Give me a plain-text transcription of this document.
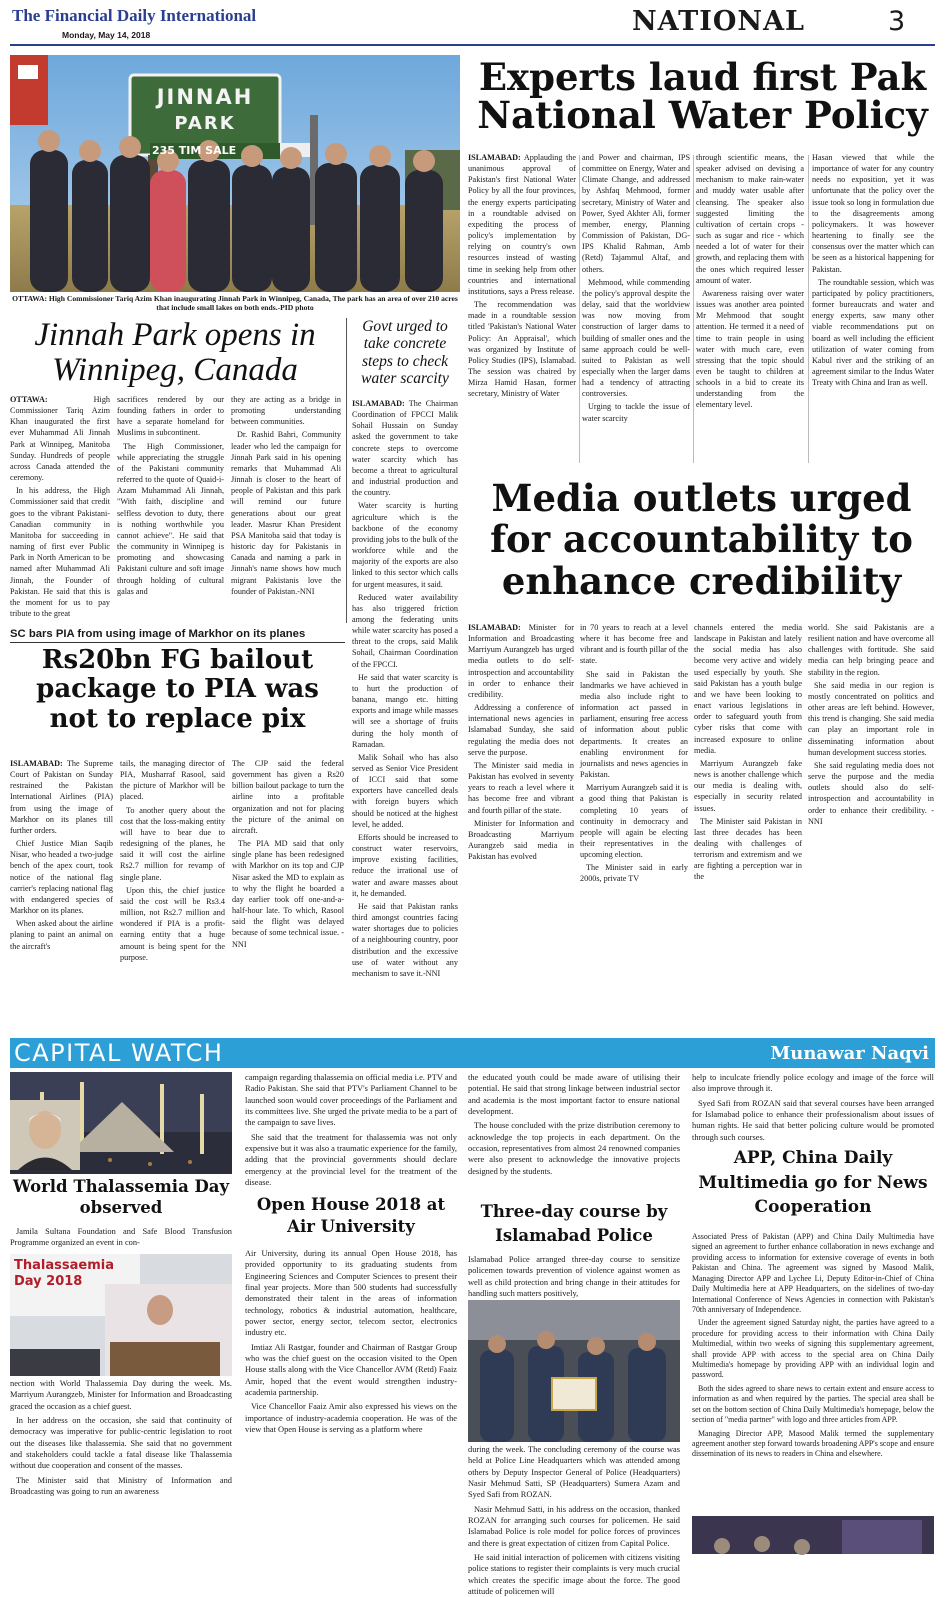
The Financial Daily International
Monday, May 14, 2018	NATIONAL	3
JINNAH
PARK
235 TIM SALE
OTTAWA: High Commissioner Tariq Azim Khan inaugurating Jinnah Park in Winnipeg, Canada, The park has an area of over 210 acres that include small lakes on both ends.-PID photo
Experts laud first Pak National Water Policy

ISLAMABAD: Applauding the unanimous approval of Pakistan's first National Water Policy by all the four provinces, the energy experts participating in a roundtable advised on expediting the process of policy's implementation by relying on country's own resources instead of wasting time in seeking help from other countries and international institutions, says a Press release.

The recommendation was made in a roundtable session titled 'Pakistan's National Water Policy: An Appraisal', which was organized by Institute of Policy Studies (IPS), Islamabad. The session was chaired by Mirza Hamid Hasan, former secretary, Ministry of Water

and Power and chairman, IPS committee on Energy, Water and Climate Change, and addressed by Ashfaq Mehmood, former secretary, Ministry of Water and Power, Syed Akhter Ali, former member, energy, Planning Commission of Pakistan, DG-IPS Khalid Rahman, Amb (Retd) Tajammul Altaf, and others.

Mehmood, while commending the policy's approval despite the delay, said that the worldview was now moving from construction of larger dams to building of smaller ones and the same approach could be well-suited to Pakistan as well especially when the larger dams had a tendency of attracting controversies.

Urging to tackle the issue of water scarcity

through scientific means, the speaker advised on devising a mechanism to make rain-water and muddy water usable after cleansing. The speaker also suggested limiting the cultivation of certain crops - such as sugar and rice - which needed a lot of water for their growth, and replacing them with the ones which required lesser amount of water.

Awareness raising over water issues was another area pointed Mr Mehmood that sought attention. He termed it a need of time to train people in using water with much care, even stressing that the topic should even be taught to children at schools in a bid to create its understanding from the elementary level.

Hasan viewed that while the importance of water for any country needs no exposition, yet it was unfortunate that the policy over the issue took so long in formulation due to the disagreements among policymakers. It was however heartening to finally see the consensus over the matter which can be seen as a historical happening for Pakistan.

The roundtable session, which was participated by policy practitioners, former bureaucrats and water and energy experts, saw many other viable recommendations put on board as well including the efficient utilization of water coming from Kabul river and the striking of an agreement similar to the Indus Water Treaty with China and Iran as well.

Jinnah Park opens in Winnipeg, Canada

OTTAWA: High Commissioner Tariq Azim Khan inaugurated the first ever Muhammad Ali Jinnah Park at Winnipeg, Manitoba Sunday. Hundreds of people across Canada attended the ceremony.

In his address, the High Commissioner said that credit goes to the vibrant Pakistani-Canadian community in Manitoba for succeeding in naming of first ever Public Park in North American to be named after Muhammad Ali Jinnah, the Founder of Pakistan. He said that this is the moment for us to pay tribute to the great

sacrifices rendered by our founding fathers in order to have a separate homeland for Muslims in subcontinent.

The High Commissioner, while appreciating the struggle of the Pakistani community referred to the quote of Quaid-i-Azam Muhammad Ali Jinnah, "With faith, discipline and selfless devotion to duty, there is nothing worthwhile you cannot achieve". He said that the community in Winnipeg is promoting and showcasing Pakistani culture and soft image through holding of cultural galas and

they are acting as a bridge in promoting understanding between communities.

Dr. Rashid Bahri, Community leader who led the campaign for Jinnah Park said in his opening remarks that Muhammad Ali Jinnah is closer to the heart of people of Pakistan and this park will remind our future generations about our great leader. Masrur Khan President PSA Manitoba said that today is historic day for Pakistanis in Canada and naming a park in Jinnah's name shows how much migrant Pakistanis love the founder of Pakistan.-NNI

Govt urged to take concrete steps to check water scarcity

ISLAMABAD: The Chairman Coordination of FPCCI Malik Sohail Hussain on Sunday asked the government to take concrete steps to overcome water scarcity which has become a threat to agricultural and industrial production and the country.

Water scarcity is hurting agriculture which is the backbone of the economy providing jobs to the bulk of the workforce while and the majority of the exports are also linked to this sector which calls for urgent measures, it said.

Reduced water availability has also triggered friction among the federating units while water scarcity has posed a threat to the crops, said Malik Sohail, Chairman Coordination of the FPCCI.

He said that water scarcity is to hurt the production of banana, mango etc. hitting exports and image while masses will see a shortage of fruits during the holy month of Ramadan.

Malik Sohail who has also served as Senior Vice President of ICCI said that some exporters have cancelled deals with foreign buyers which should be noticed at the highest level, he added.

Efforts should be increased to construct water reservoirs, improve existing facilities, reduce the irrational use of water and aware masses about it, he demanded.

He said that Pakistan ranks third amongst countries facing water shortages due to policies of a neighbouring country, poor distribution and the excessive use of water without any mechanism to save it.-NNI

SC bars PIA from using image of Markhor on its planes
Rs20bn FG bailout package to PIA was not to replace pix

ISLAMABAD: The Supreme Court of Pakistan on Sunday restrained the Pakistan International Airlines (PIA) from using the image of Markhor on its planes till further orders.

Chief Justice Mian Saqib Nisar, who headed a two-judge bench of the apex court, took notice of the national flag carrier's replacing national flag with endangered species of Markhor on its planes.

When asked about the airline planing to paint an animal on the aircraft's

tails, the managing director of PIA, Musharraf Rasool, said the picture of Markhor will be placed.

To another query about the cost that the loss-making entity will have to bear due to redesigning of the planes, he said it will cost the airline Rs2.7 million for revamp of single plane.

Upon this, the chief justice said the cost will be Rs3.4 million, not Rs2.7 million and wondered if PIA is a profit-earning entity that a huge amount is being spent for the purpose.

The CJP said the federal government has given a Rs20 billion bailout package to turn the airline into a profitable organization and not for placing the picture of the animal on aircraft.

The PIA MD said that only single plane has been redesigned with Markhor on its top and CJP Nisar asked the MD to explain as to why the flight he boarded a day earlier took off one-and-a-half-hour late. To which, Rasool said the flight was delayed because of some technical issue. - NNI

Media outlets urged for accountability to enhance credibility

ISLAMABAD: Minister for Information and Broadcasting Marriyum Aurangzeb has urged media outlets to do self-introspection and accountability in order to enhance their credibility.

Addressing a conference of international news agencies in Islamabad Sunday, she said regulating the media does not serve the purpose.

The Minister said media in Pakistan has evolved in seventy years to reach a level where it has become free and vibrant and fourth pillar of the state.

Minister for Information and Broadcasting Marriyum Aurangzeb said media in Pakistan has evolved

in 70 years to reach at a level where it has become free and vibrant and is fourth pillar of the state.

She said in Pakistan the landmarks we have achieved in media also include right to information act passed in parliament, ensuring free access of information about public departments. It creates an enabling environment for journalists and news agencies in Pakistan.

Marriyum Aurangzeb said it is a good thing that Pakistan is completing 10 years of continuity in democracy and people will again be electing their representatives in the upcoming election.

The Minister said in early 2000s, private TV

channels entered the media landscape in Pakistan and lately the social media has also become very active and widely used especially by youth. She said Pakistan has a youth bulge and we have been looking to enact various legislations in order to safeguard youth from cyber risks that come with increased exposure to online media.

Marriyum Aurangzeb fake news is another challenge which our media is dealing with, especially in security related issues.

The Minister said Pakistan in last three decades has been dealing with challenges of terrorism and extremism and we are fighting a perception war in the

world. She said Pakistanis are a resilient nation and have overcome all challenges with fortitude. She said media can help bringing peace and stability in the region.

She said media in our region is mostly concentrated on politics and other areas are left behind. However, this trend is changing. She said media can play an important role in disseminating information about human development success stories.

She said regulating media does not serve the purpose and the media outlets should also do self-introspection and accountability in order to enhance their credibility. - NNI

CAPITAL WATCH	Munawar Naqvi
World Thalassemia Day observed
Jamila Sultana Foundation and Safe Blood Transfusion Programme organized an event in con-
Thalassaemia Day 2018

nection with World Thalassemia Day during the week. Ms. Marriyum Aurangzeb, Minister for Information and Broadcasting graced the occasion as a chief guest.

In her address on the occasion, she said that continuity of democracy was imperative for public-centric legislation to root out the diseases like thalassemia. She said that no government and stakeholders could tackle a fatal disease like Thalassemia without due cooperation and consent of the masses.

The Minister said that Ministry of Information and Broadcasting was going to run an awareness

campaign regarding thalassemia on official media i.e. PTV and Radio Pakistan. She said that PTV's Parliament Channel to be launched soon would cover proceedings of the Parliament and its committees live. She urged the private media to be a part of the campaign to save lives.

She said that the treatment for thalassemia was not only expensive but it was also a traumatic experience for the family, adding that the provincial governments should declare emergency at the provincial level for the treatment of the disease.

Open House 2018 at Air University

Air University, during its annual Open House 2018, has provided opportunity to its graduating students from Engineering Sciences and Computer Sciences to present their final year projects. More than 500 students had successfully demonstrated their talent in the areas of information technology, robotics & industrial automation, healthcare, power sector, energy sector, telecom sector, electronics industry etc.

Imtiaz Ali Rastgar, founder and Chairman of Rastgar Group who was the chief guest on the occasion visited to the Open House stalls along with the Vice Chancellor AVM (Retd) Faaiz Amir, hoped that the event would strengthen industry-academia partnership.

Vice Chancellor Faaiz Amir also expressed his views on the importance of industry-academia cooperation. He was of the view that Open House is serving as a platform where

the educated youth could be made aware of utilising their potential. He said that strong linkage between industrial sector and academia is the most important factor to ensure national development.

The house concluded with the prize distribution ceremony to acknowledge the top projects in each department. On the occasion, representatives from almost 24 renowned companies were also present to acknowledge the innovative projects designed by the students.

Three-day course by Islamabad Police

Islamabad Police arranged three-day course to sensitize policemen towards prevention of violence against women as well as child protection and bring change in their attitudes for handling such matters positively,

during the week. The concluding ceremony of the course was held at Police Line Headquarters which was attended among others by Deputy Inspector General of Police (Headquarters) Nasir Mehmud Satti, SP (Headquarters) Sumera Azam and Syed Safi from ROZAN.

Nasir Mehmud Satti, in his address on the occasion, thanked ROZAN for arranging such courses for policemen. He said Islamabad Police is role model for police forces of provinces and there is great expectation of citizen from Capital Police.

He said initial interaction of policemen with citizens visiting police stations to register their complaints is very much crucial which creates the specific image about the force. The good attitude of policemen will

help to inculcate friendly police ecology and image of the force will also improve through it.

Syed Safi from ROZAN said that several courses have been arranged for Islamabad police to enhance their professionalism about issues of human rights. He said that better policing culture would be promoted through such courses.

APP, China Daily Multimedia go for News Cooperation

Associated Press of Pakistan (APP) and China Daily Multimedia have signed an agreement to further enhance collaboration in news exchange and providing access to information for extensive coverage of events in both Pakistan and China. The agreement was signed by Masood Malik, Managing Director APP and Lychee Li, Deputy Editor-in-Chief of China Daily Multimedia here at APP Headquarters, on the sidelines of two-day International Conference of News Agencies in connection with Pakistan's 70th anniversary of Independence.

Under the agreement signed Saturday night, the parties have agreed to a procedure for providing access to their information with China Daily Multimedial, within two weeks of signing this supplementary agreement, shall provide APP with access to the special area on China Daily Multimedia's homepage by providing APP with an individual login and password.

Both the sides agreed to share news to certain extent and ensure access to information as and when required by the parties. The special area shall be set on the bottom section of China Daily Multimedia's homepage, below the section of "media partner" with logo and three articles from APP.

Managing Director APP, Masood Malik termed the supplementary agreement another step forward towards broadening APP's scope and ensure dissemination of its news to readers in China and elsewhere.
